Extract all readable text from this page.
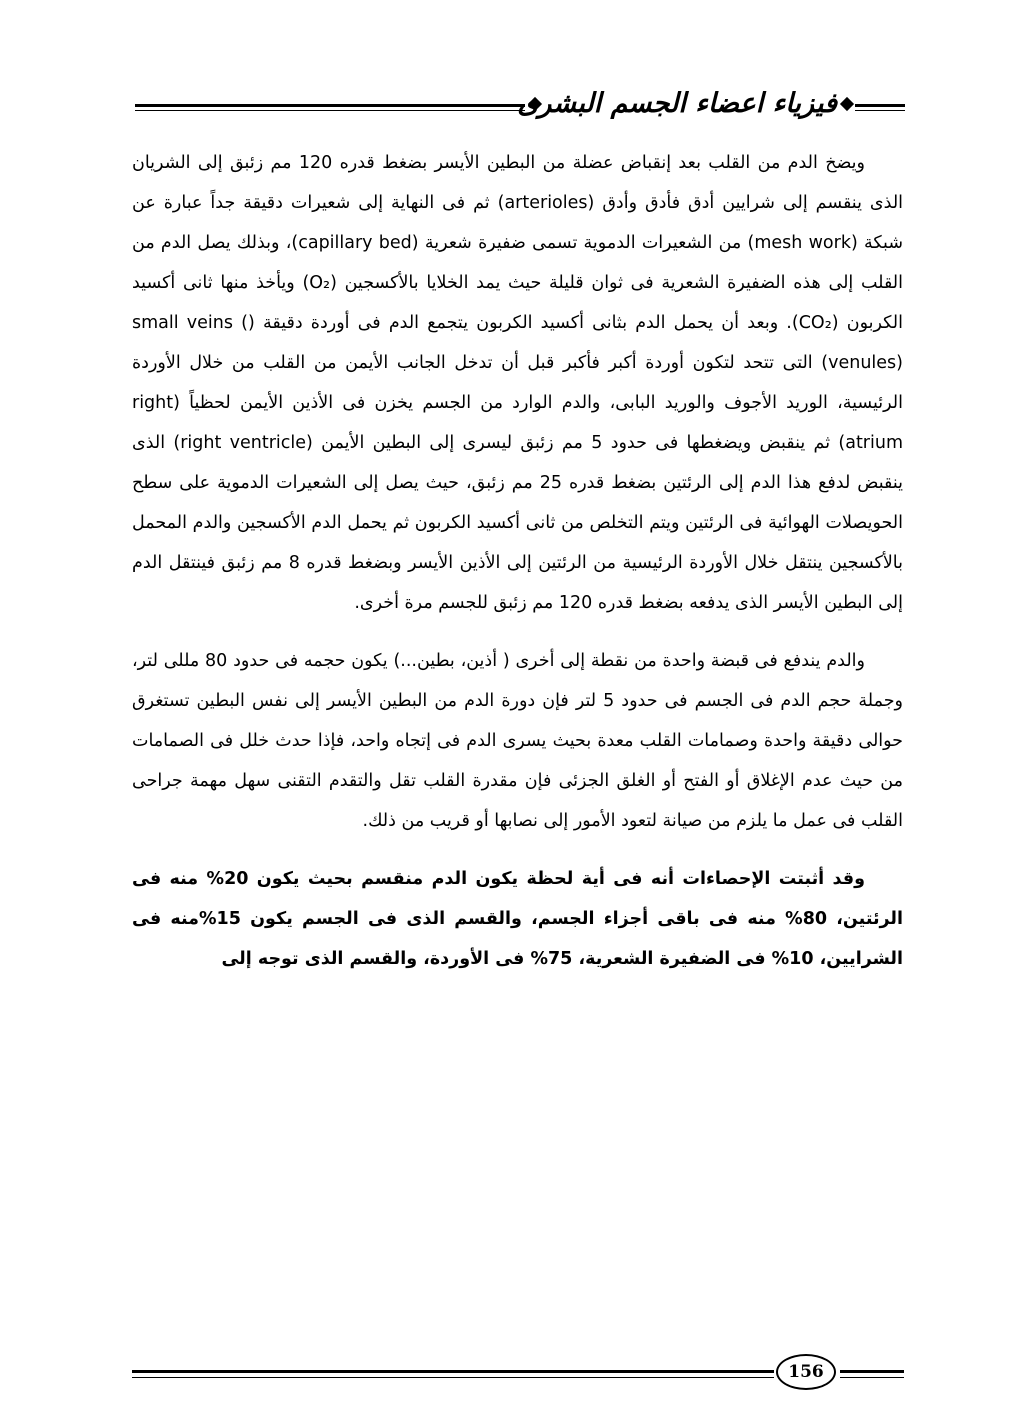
فيزياء اعضاء الجسم البشرى

ويضخ الدم من القلب بعد إنقباض عضلة من البطين الأيسر بضغط قدره 120 مم زئبق إلى الشريان الذى ينقسم إلى شرايين أدق فأدق وأدق (arterioles) ثم فى النهاية إلى شعيرات دقيقة جداً عبارة عن شبكة (mesh work) من الشعيرات الدموية تسمى ضفيرة شعرية (capillary bed)، وبذلك يصل الدم من القلب إلى هذه الضفيرة الشعرية فى ثوان قليلة حيث يمد الخلايا بالأكسجين (O₂) ويأخذ منها ثانى أكسيد الكربون (CO₂). وبعد أن يحمل الدم بثانى أكسيد الكربون يتجمع الدم فى أوردة دقيقة (small veins ( venules)) التى تتحد لتكون أوردة أكبر فأكبر قبل أن تدخل الجانب الأيمن من القلب من خلال الأوردة الرئيسية، الوريد الأجوف والوريد البابى، والدم الوارد من الجسم يخزن فى الأذين الأيمن لحظياً (right atrium) ثم ينقبض ويضغطها فى حدود 5 مم زئبق ليسرى إلى البطين الأيمن (right ventricle) الذى ينقبض لدفع هذا الدم إلى الرئتين بضغط قدره 25 مم زئبق، حيث يصل إلى الشعيرات الدموية على سطح الحويصلات الهوائية فى الرئتين ويتم التخلص من ثانى أكسيد الكربون ثم يحمل الدم الأكسجين والدم المحمل بالأكسجين ينتقل خلال الأوردة الرئيسية من الرئتين إلى الأذين الأيسر وبضغط قدره 8 مم زئبق فينتقل الدم إلى البطين الأيسر الذى يدفعه بضغط قدره 120 مم زئبق للجسم مرة أخرى.

والدم يندفع فى قبضة واحدة من نقطة إلى أخرى ( أذين، بطين...) يكون حجمه فى حدود 80 مللى لتر، وجملة حجم الدم فى الجسم فى حدود 5 لتر فإن دورة الدم من البطين الأيسر إلى نفس البطين تستغرق حوالى دقيقة واحدة وصمامات القلب معدة بحيث يسرى الدم فى إتجاه واحد، فإذا حدث خلل فى الصمامات من حيث عدم الإغلاق أو الفتح أو الغلق الجزئى فإن مقدرة القلب تقل والتقدم التقنى سهل مهمة جراحى القلب فى عمل ما يلزم من صيانة لتعود الأمور إلى نصابها أو قريب من ذلك.

وقد أثبتت الإحصاءات أنه فى أية لحظة يكون الدم منقسم بحيث يكون 20% منه فى الرئتين، 80% منه فى باقى أجزاء الجسم، والقسم الذى فى الجسم يكون 15%منه فى الشرايين، 10% فى الضفيرة الشعرية، 75% فى الأوردة، والقسم الذى توجه إلى

156
